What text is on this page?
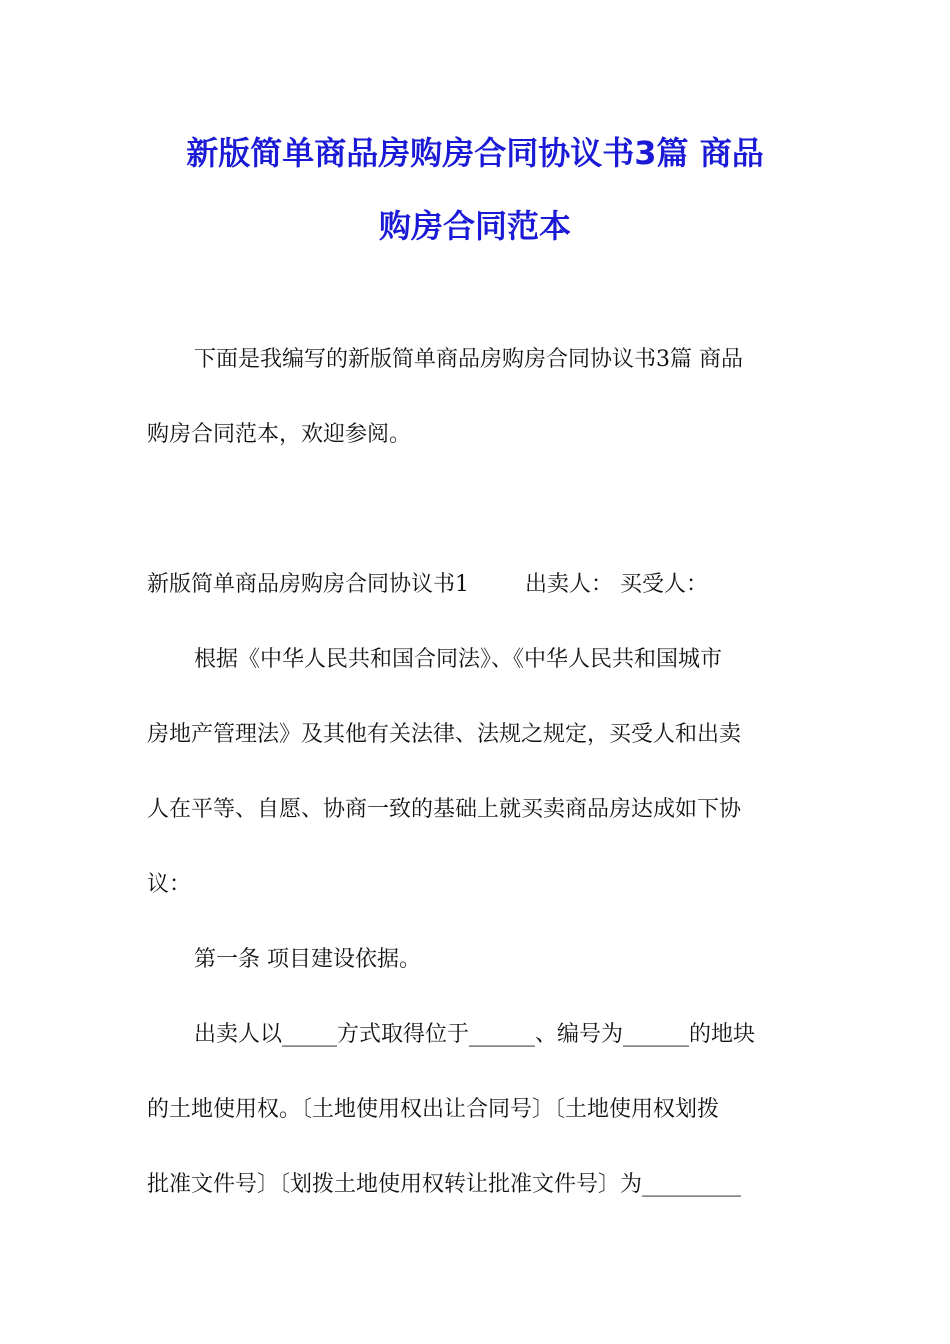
新版简单商品房购房合同协议书3篇 商品
购房合同范本
下面是我编写的新版简单商品房购房合同协议书3篇 商品
购房合同范本，欢迎参阅。
新版简单商品房购房合同协议书1	出卖人： 买受人：
根据《中华人民共和国合同法》、《中华人民共和国城市
房地产管理法》及其他有关法律、法规之规定，买受人和出卖
人在平等、自愿、协商一致的基础上就买卖商品房达成如下协
议：
第一条 项目建设依据。
出卖人以_____方式取得位于______、编号为______的地块
的土地使用权。〔土地使用权出让合同号〕〔土地使用权划拨
批准文件号〕〔划拨土地使用权转让批准文件号〕为_________
